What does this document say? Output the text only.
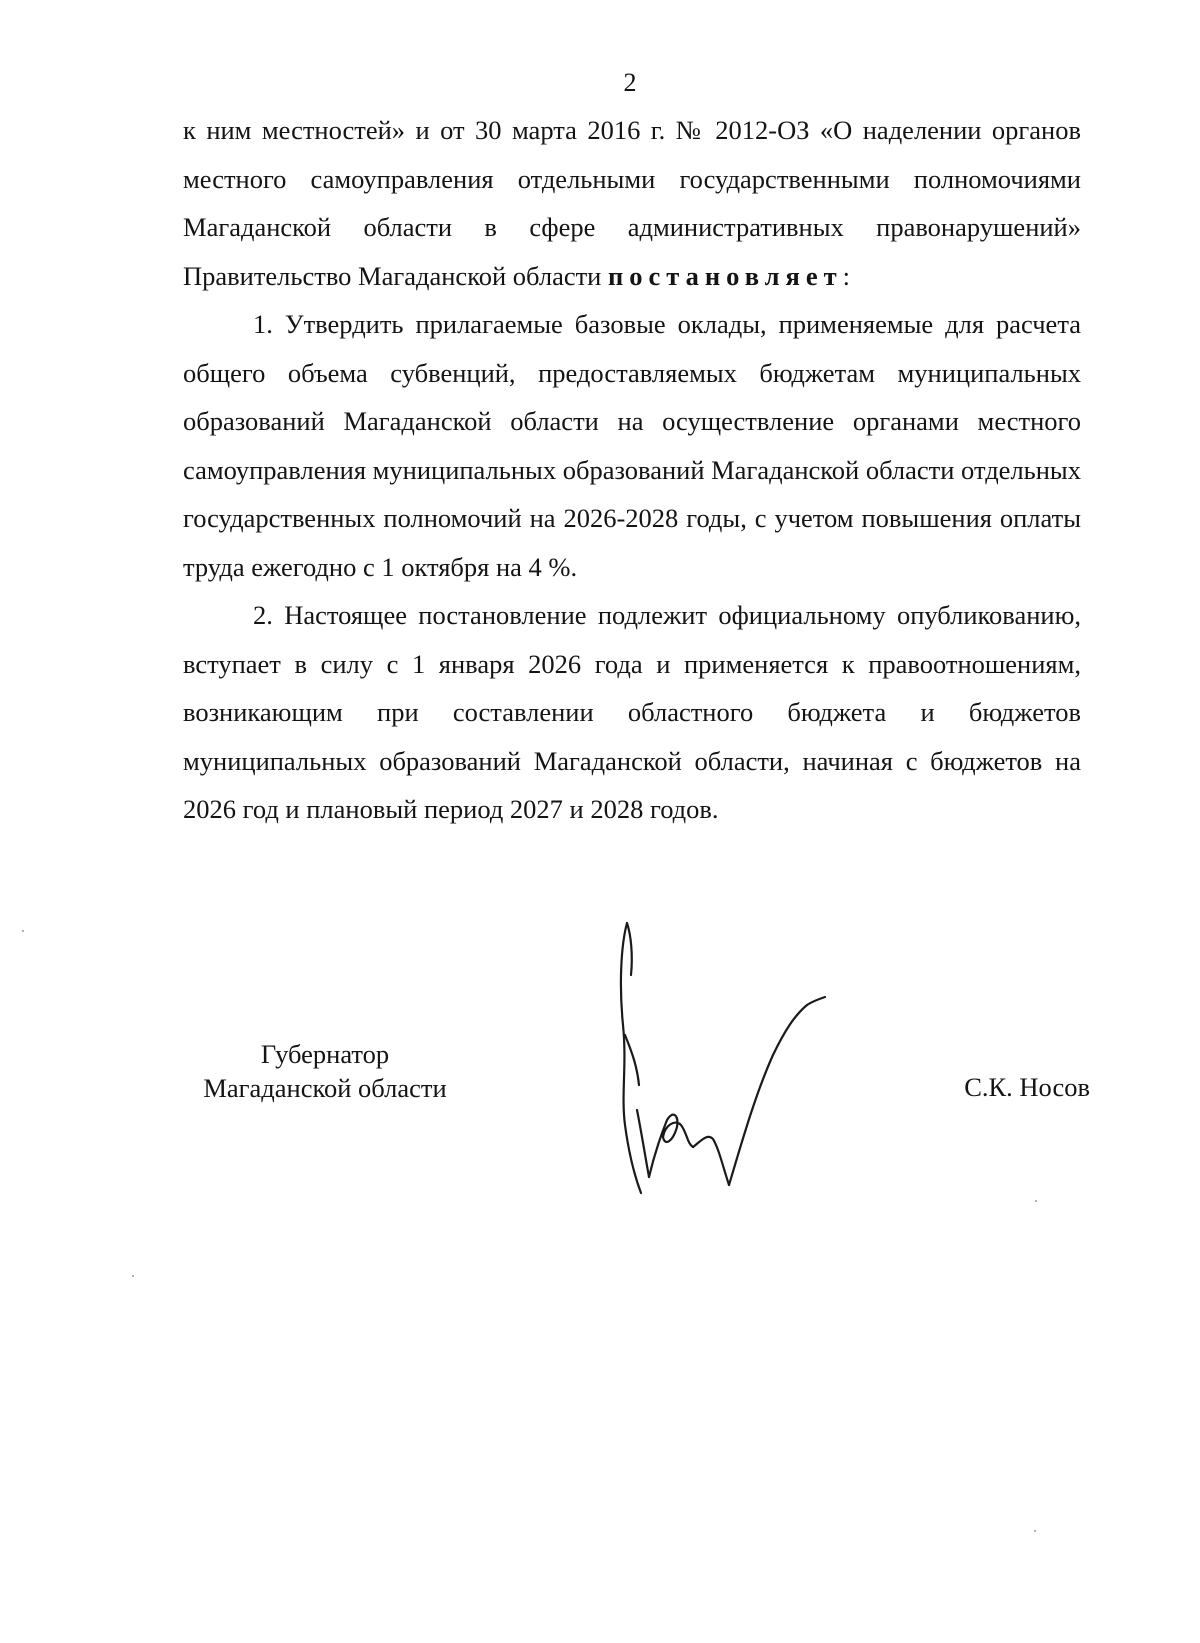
2

к ним местностей» и от 30 марта 2016 г. № 2012-ОЗ «О наделении органов местного самоуправления отдельными государственными полномочиями Магаданской области в сфере административных правонарушений» Правительство Магаданской области постановляет:

1. Утвердить прилагаемые базовые оклады, применяемые для расчета общего объема субвенций, предоставляемых бюджетам муниципальных образований Магаданской области на осуществление органами местного самоуправления муниципальных образований Магаданской области отдельных государственных полномочий на 2026-2028 годы, с учетом повышения оплаты труда ежегодно с 1 октября на 4 %.

2. Настоящее постановление подлежит официальному опубликованию, вступает в силу с 1 января 2026 года и применяется к правоотношениям, возникающим при составлении областного бюджета и бюджетов муниципальных образований Магаданской области, начиная с бюджетов на 2026 год и плановый период 2027 и 2028 годов.

Губернатор
Магаданской области	С.К. Носов
